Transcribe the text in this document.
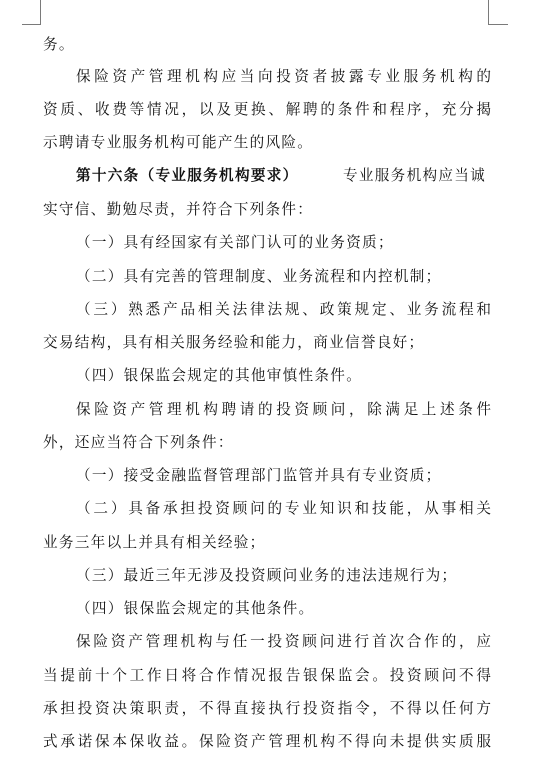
务。
保险资产管理机构应当向投资者披露专业服务机构的
资质、收费等情况，以及更换、解聘的条件和程序，充分揭
示聘请专业服务机构可能产生的风险。
第十六条（专业服务机构要求）	专业服务机构应当诚
实守信、勤勉尽责，并符合下列条件：
（一）具有经国家有关部门认可的业务资质；
（二）具有完善的管理制度、业务流程和内控机制；
（三）熟悉产品相关法律法规、政策规定、业务流程和
交易结构，具有相关服务经验和能力，商业信誉良好；
（四）银保监会规定的其他审慎性条件。
保险资产管理机构聘请的投资顾问，除满足上述条件
外，还应当符合下列条件：
（一）接受金融监督管理部门监管并具有专业资质；
（二）具备承担投资顾问的专业知识和技能，从事相关
业务三年以上并具有相关经验；
（三）最近三年无涉及投资顾问业务的违法违规行为；
（四）银保监会规定的其他条件。
保险资产管理机构与任一投资顾问进行首次合作的，应
当提前十个工作日将合作情况报告银保监会。投资顾问不得
承担投资决策职责，不得直接执行投资指令，不得以任何方
式承诺保本保收益。保险资产管理机构不得向未提供实质服
